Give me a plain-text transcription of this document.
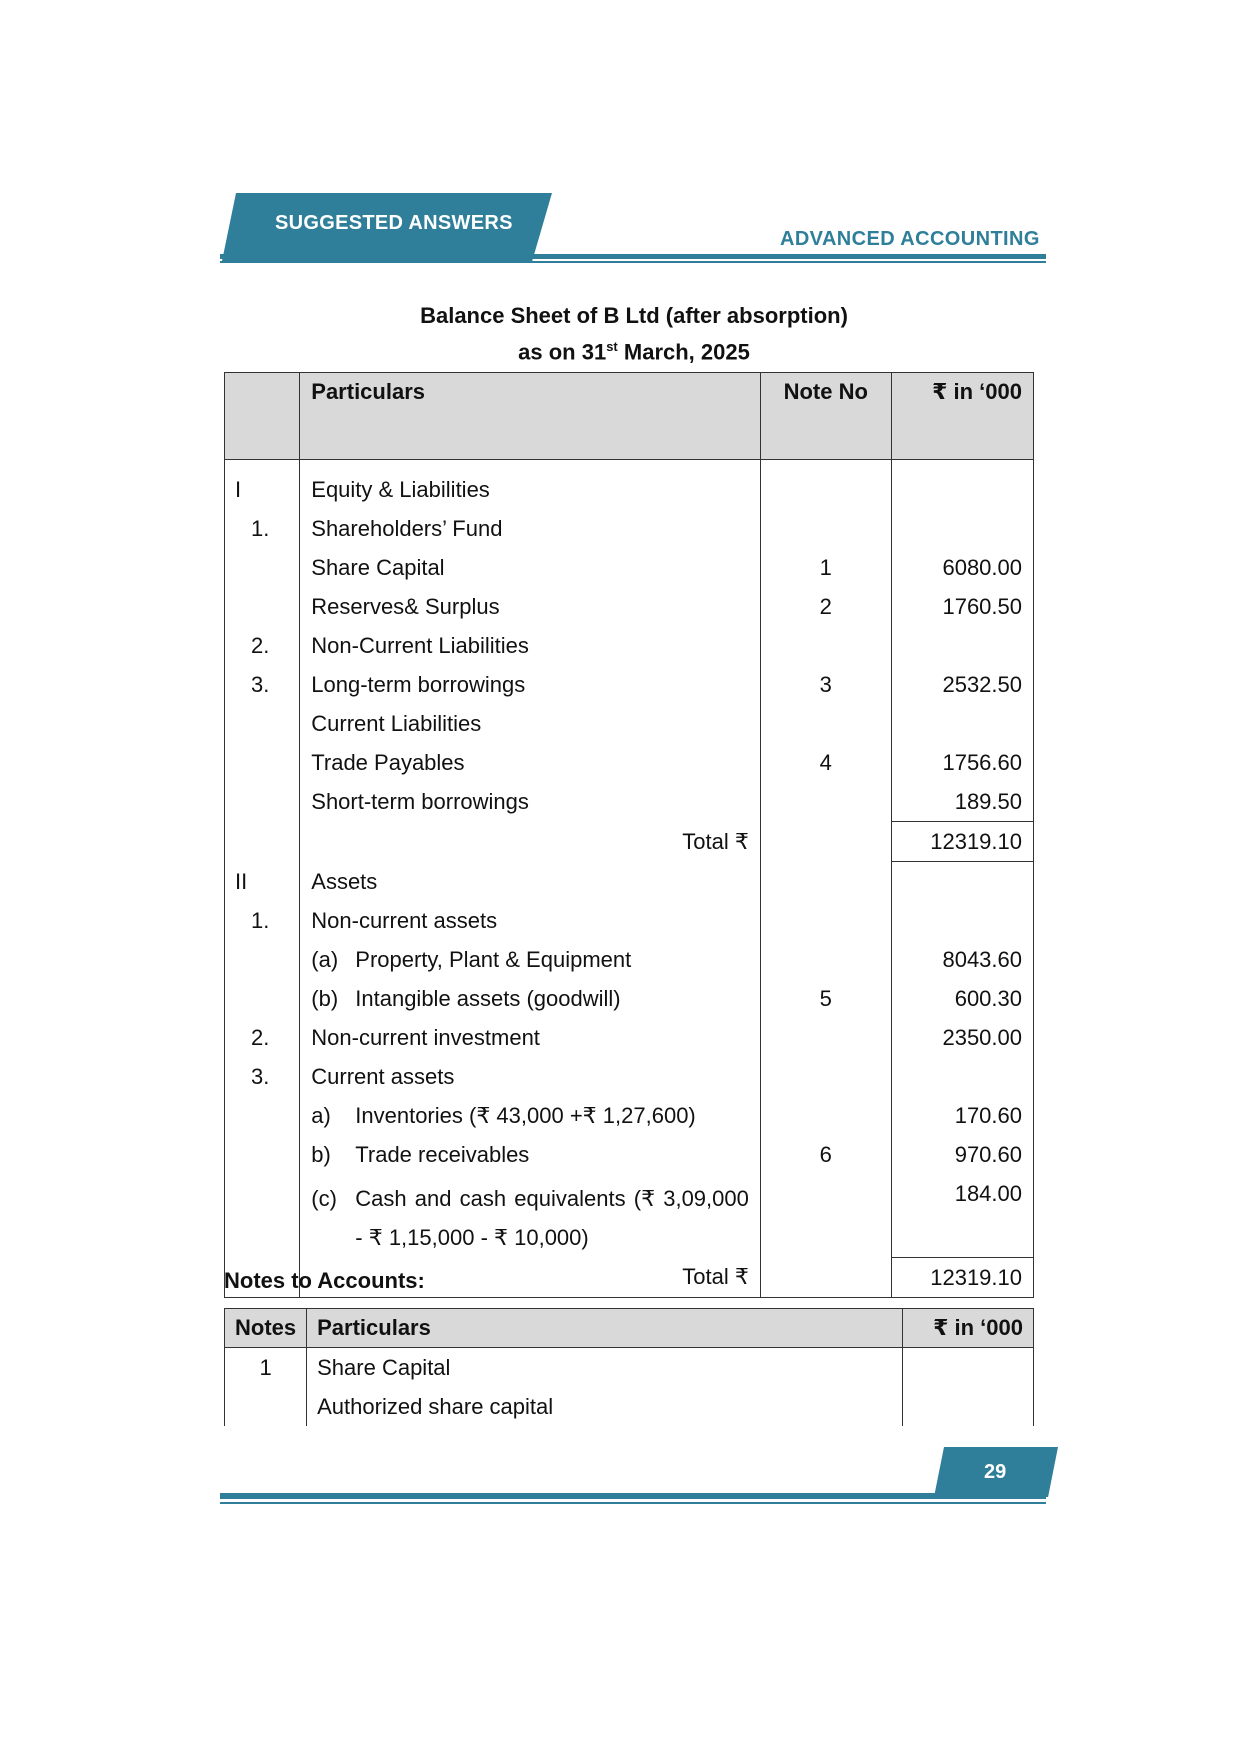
SUGGESTED ANSWERS
ADVANCED ACCOUNTING
Balance Sheet of B Ltd (after absorption)
as on 31st March, 2025
	Particulars	Note No	₹ in ‘000
I	Equity & Liabilities		
1.	Shareholders’ Fund		
	Share Capital	1	6080.00
	Reserves& Surplus	2	1760.50
2.	Non-Current Liabilities		
3.	Long-term borrowings	3	2532.50
	Current Liabilities		
	Trade Payables	4	1756.60
	Short-term borrowings		189.50
	Total ₹		12319.10
II	Assets		
1.	Non-current assets		
	(a) Property, Plant & Equipment		8043.60
	(b) Intangible assets (goodwill)	5	600.30
2.	Non-current investment		2350.00
3.	Current assets		
	a) Inventories (₹ 43,000 +₹ 1,27,600)		170.60
	b) Trade receivables	6	970.60

	(c) Cash and cash equivalents (₹ 3,09,000 - ₹ 1,15,000 - ₹ 10,000)		184.00
	Total ₹		12319.10
Notes to Accounts:
Notes	Particulars	₹ in ‘000
1	Share Capital	
	Authorized share capital	
29
